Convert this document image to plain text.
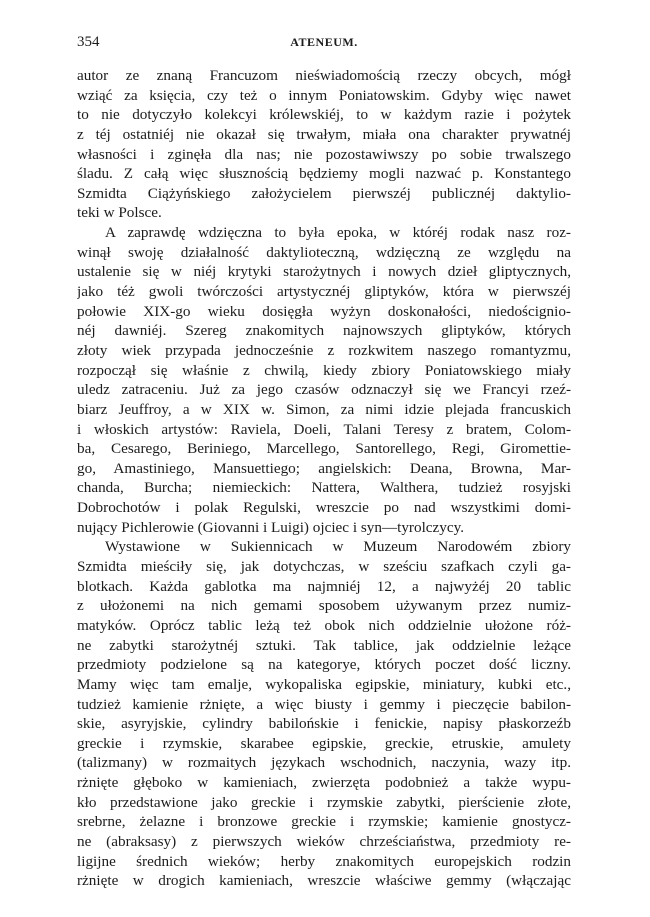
354	ATENEUM.
autor ze znaną Francuzom nieświadomością rzeczy obcych, mógł
wziąć za księcia, czy też o innym Poniatowskim. Gdyby więc nawet
to nie dotyczyło kolekcyi królewskiéj, to w każdym razie i pożytek
z téj ostatniéj nie okazał się trwałym, miała ona charakter prywatnéj
własności i zginęła dla nas; nie pozostawiwszy po sobie trwalszego
śladu. Z całą więc słusznością będziemy mogli nazwać p. Konstantego
Szmidta Ciążyńskiego założycielem pierwszéj publicznéj daktylio-
teki w Polsce.
A zaprawdę wdzięczna to była epoka, w któréj rodak nasz roz-
winął swoję działalność daktylioteczną, wdzięczną ze względu na
ustalenie się w niéj krytyki starożytnych i nowych dzieł gliptycznych,
jako téż gwoli twórczości artystycznéj gliptyków, która w pierwszéj
połowie XIX-go wieku dosięgła wyżyn doskonałości, niedoścignio-
néj dawniéj. Szereg znakomitych najnowszych gliptyków, których
złoty wiek przypada jednocześnie z rozkwitem naszego romantyzmu,
rozpoczął się właśnie z chwilą, kiedy zbiory Poniatowskiego miały
uledz zatraceniu. Już za jego czasów odznaczył się we Francyi rzeź-
biarz Jeuffroy, a w XIX w. Simon, za nimi idzie plejada francuskich
i włoskich artystów: Raviela, Doeli, Talani Teresy z bratem, Colom-
ba, Cesarego, Beriniego, Marcellego, Santorellego, Regi, Giromettie-
go, Amastiniego, Mansuettiego; angielskich: Deana, Browna, Mar-
chanda, Burcha; niemieckich: Nattera, Walthera, tudzież rosyjski
Dobrochotów i polak Regulski, wreszcie po nad wszystkimi domi-
nujący Pichlerowie (Giovanni i Luigi) ojciec i syn—tyrolczycy.
Wystawione w Sukiennicach w Muzeum Narodowém zbiory
Szmidta mieściły się, jak dotychczas, w sześciu szafkach czyli ga-
blotkach. Każda gablotka ma najmniéj 12, a najwyżéj 20 tablic
z ułożonemi na nich gemami sposobem używanym przez numiz-
matyków. Oprócz tablic leżą też obok nich oddzielnie ułożone róż-
ne zabytki starożytnéj sztuki. Tak tablice, jak oddzielnie leżące
przedmioty podzielone są na kategorye, których poczet dość liczny.
Mamy więc tam emalje, wykopaliska egipskie, miniatury, kubki etc.,
tudzież kamienie rżnięte, a więc biusty i gemmy i pieczęcie babilon-
skie, asyryjskie, cylindry babilońskie i fenickie, napisy płaskorzeźb
greckie i rzymskie, skarabee egipskie, greckie, etruskie, amulety
(talizmany) w rozmaitych językach wschodnich, naczynia, wazy itp.
rżnięte głęboko w kamieniach, zwierzęta podobnież a także wypu-
kło przedstawione jako greckie i rzymskie zabytki, pierścienie złote,
srebrne, żelazne i bronzowe greckie i rzymskie; kamienie gnostycz-
ne (abraksasy) z pierwszych wieków chrześciaństwa, przedmioty re-
ligijne średnich wieków; herby znakomitych europejskich rodzin
rżnięte w drogich kamieniach, wreszcie właściwe gemmy (włączając
